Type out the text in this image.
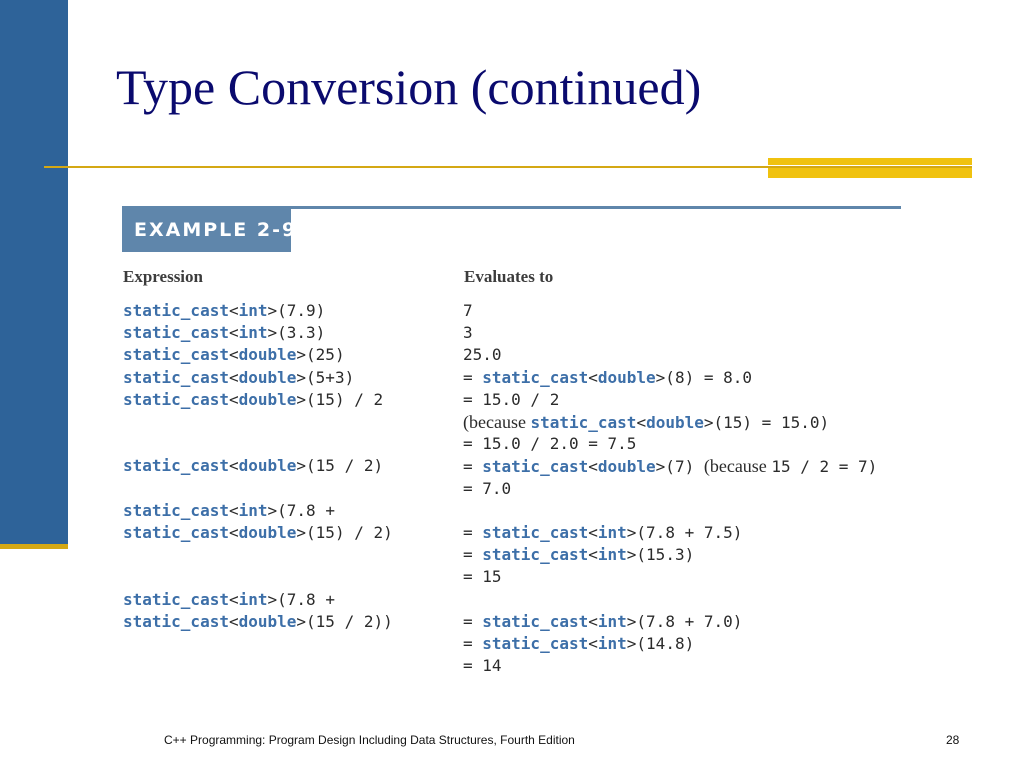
Type Conversion (continued)
EXAMPLE 2-9
Expression	Evaluates to
static_cast<int>(7.9)	7
static_cast<int>(3.3)	3
static_cast<double>(25)	25.0
static_cast<double>(5+3)	= static_cast<double>(8) = 8.0
static_cast<double>(15) / 2	= 15.0 / 2
(because static_cast<double>(15) = 15.0)
= 15.0 / 2.0 = 7.5
static_cast<double>(15 / 2)	= static_cast<double>(7) (because 15 / 2 = 7)
= 7.0
static_cast<int>(7.8 +
static_cast<double>(15) / 2)	= static_cast<int>(7.8 + 7.5)
= static_cast<int>(15.3)
= 15
static_cast<int>(7.8 +
static_cast<double>(15 / 2))	= static_cast<int>(7.8 + 7.0)
= static_cast<int>(14.8)
= 14
C++ Programming: Program Design Including Data Structures, Fourth Edition	28
